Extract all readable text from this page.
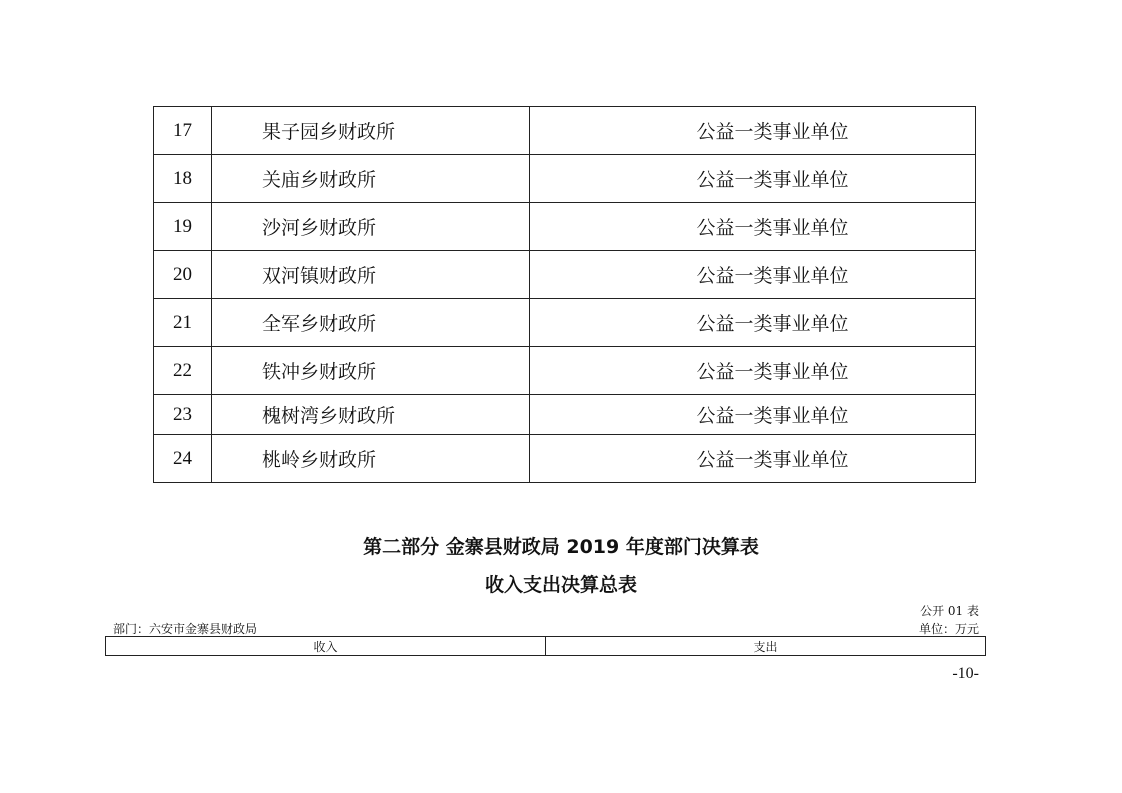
17	果子园乡财政所	公益一类事业单位
18	关庙乡财政所	公益一类事业单位
19	沙河乡财政所	公益一类事业单位
20	双河镇财政所	公益一类事业单位
21	全军乡财政所	公益一类事业单位
22	铁冲乡财政所	公益一类事业单位
23	槐树湾乡财政所	公益一类事业单位
24	桃岭乡财政所	公益一类事业单位
第二部分 金寨县财政局 2019 年度部门决算表
收入支出决算总表
公开 01 表
部门：六安市金寨县财政局	单位：万元
收入	支出
-10-
